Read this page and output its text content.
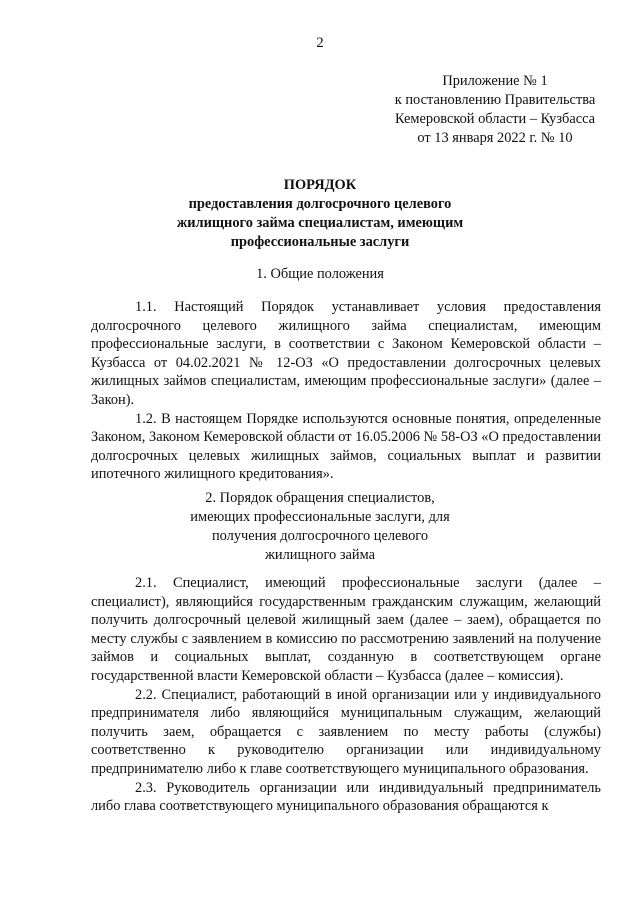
2
Приложение № 1
к постановлению Правительства
Кемеровской области – Кузбасса
от 13 января 2022 г. № 10
ПОРЯДОК
предоставления долгосрочного целевого
жилищного займа специалистам, имеющим
профессиональные заслуги
1. Общие положения

1.1. Настоящий Порядок устанавливает условия предоставления долгосрочного целевого жилищного займа специалистам, имеющим профессиональные заслуги, в соответствии с Законом Кемеровской области – Кузбасса от 04.02.2021 № 12-ОЗ «О предоставлении долгосрочных целевых жилищных займов специалистам, имеющим профессиональные заслуги» (далее – Закон).

1.2. В настоящем Порядке используются основные понятия, определенные Законом, Законом Кемеровской области от 16.05.2006 № 58-ОЗ «О предоставлении долгосрочных целевых жилищных займов, социальных выплат и развитии ипотечного жилищного кредитования».

2. Порядок обращения специалистов,
имеющих профессиональные заслуги, для
получения долгосрочного целевого
жилищного займа

2.1. Специалист, имеющий профессиональные заслуги (далее – специалист), являющийся государственным гражданским служащим, желающий получить долгосрочный целевой жилищный заем (далее – заем), обращается по месту службы с заявлением в комиссию по рассмотрению заявлений на получение займов и социальных выплат, созданную в соответствующем органе государственной власти Кемеровской области – Кузбасса (далее – комиссия).

2.2. Специалист, работающий в иной организации или у индивидуального предпринимателя либо являющийся муниципальным служащим, желающий получить заем, обращается с заявлением по месту работы (службы) соответственно к руководителю организации или индивидуальному предпринимателю либо к главе соответствующего муниципального образования.

2.3. Руководитель организации или индивидуальный предприниматель либо глава соответствующего муниципального образования обращаются к
